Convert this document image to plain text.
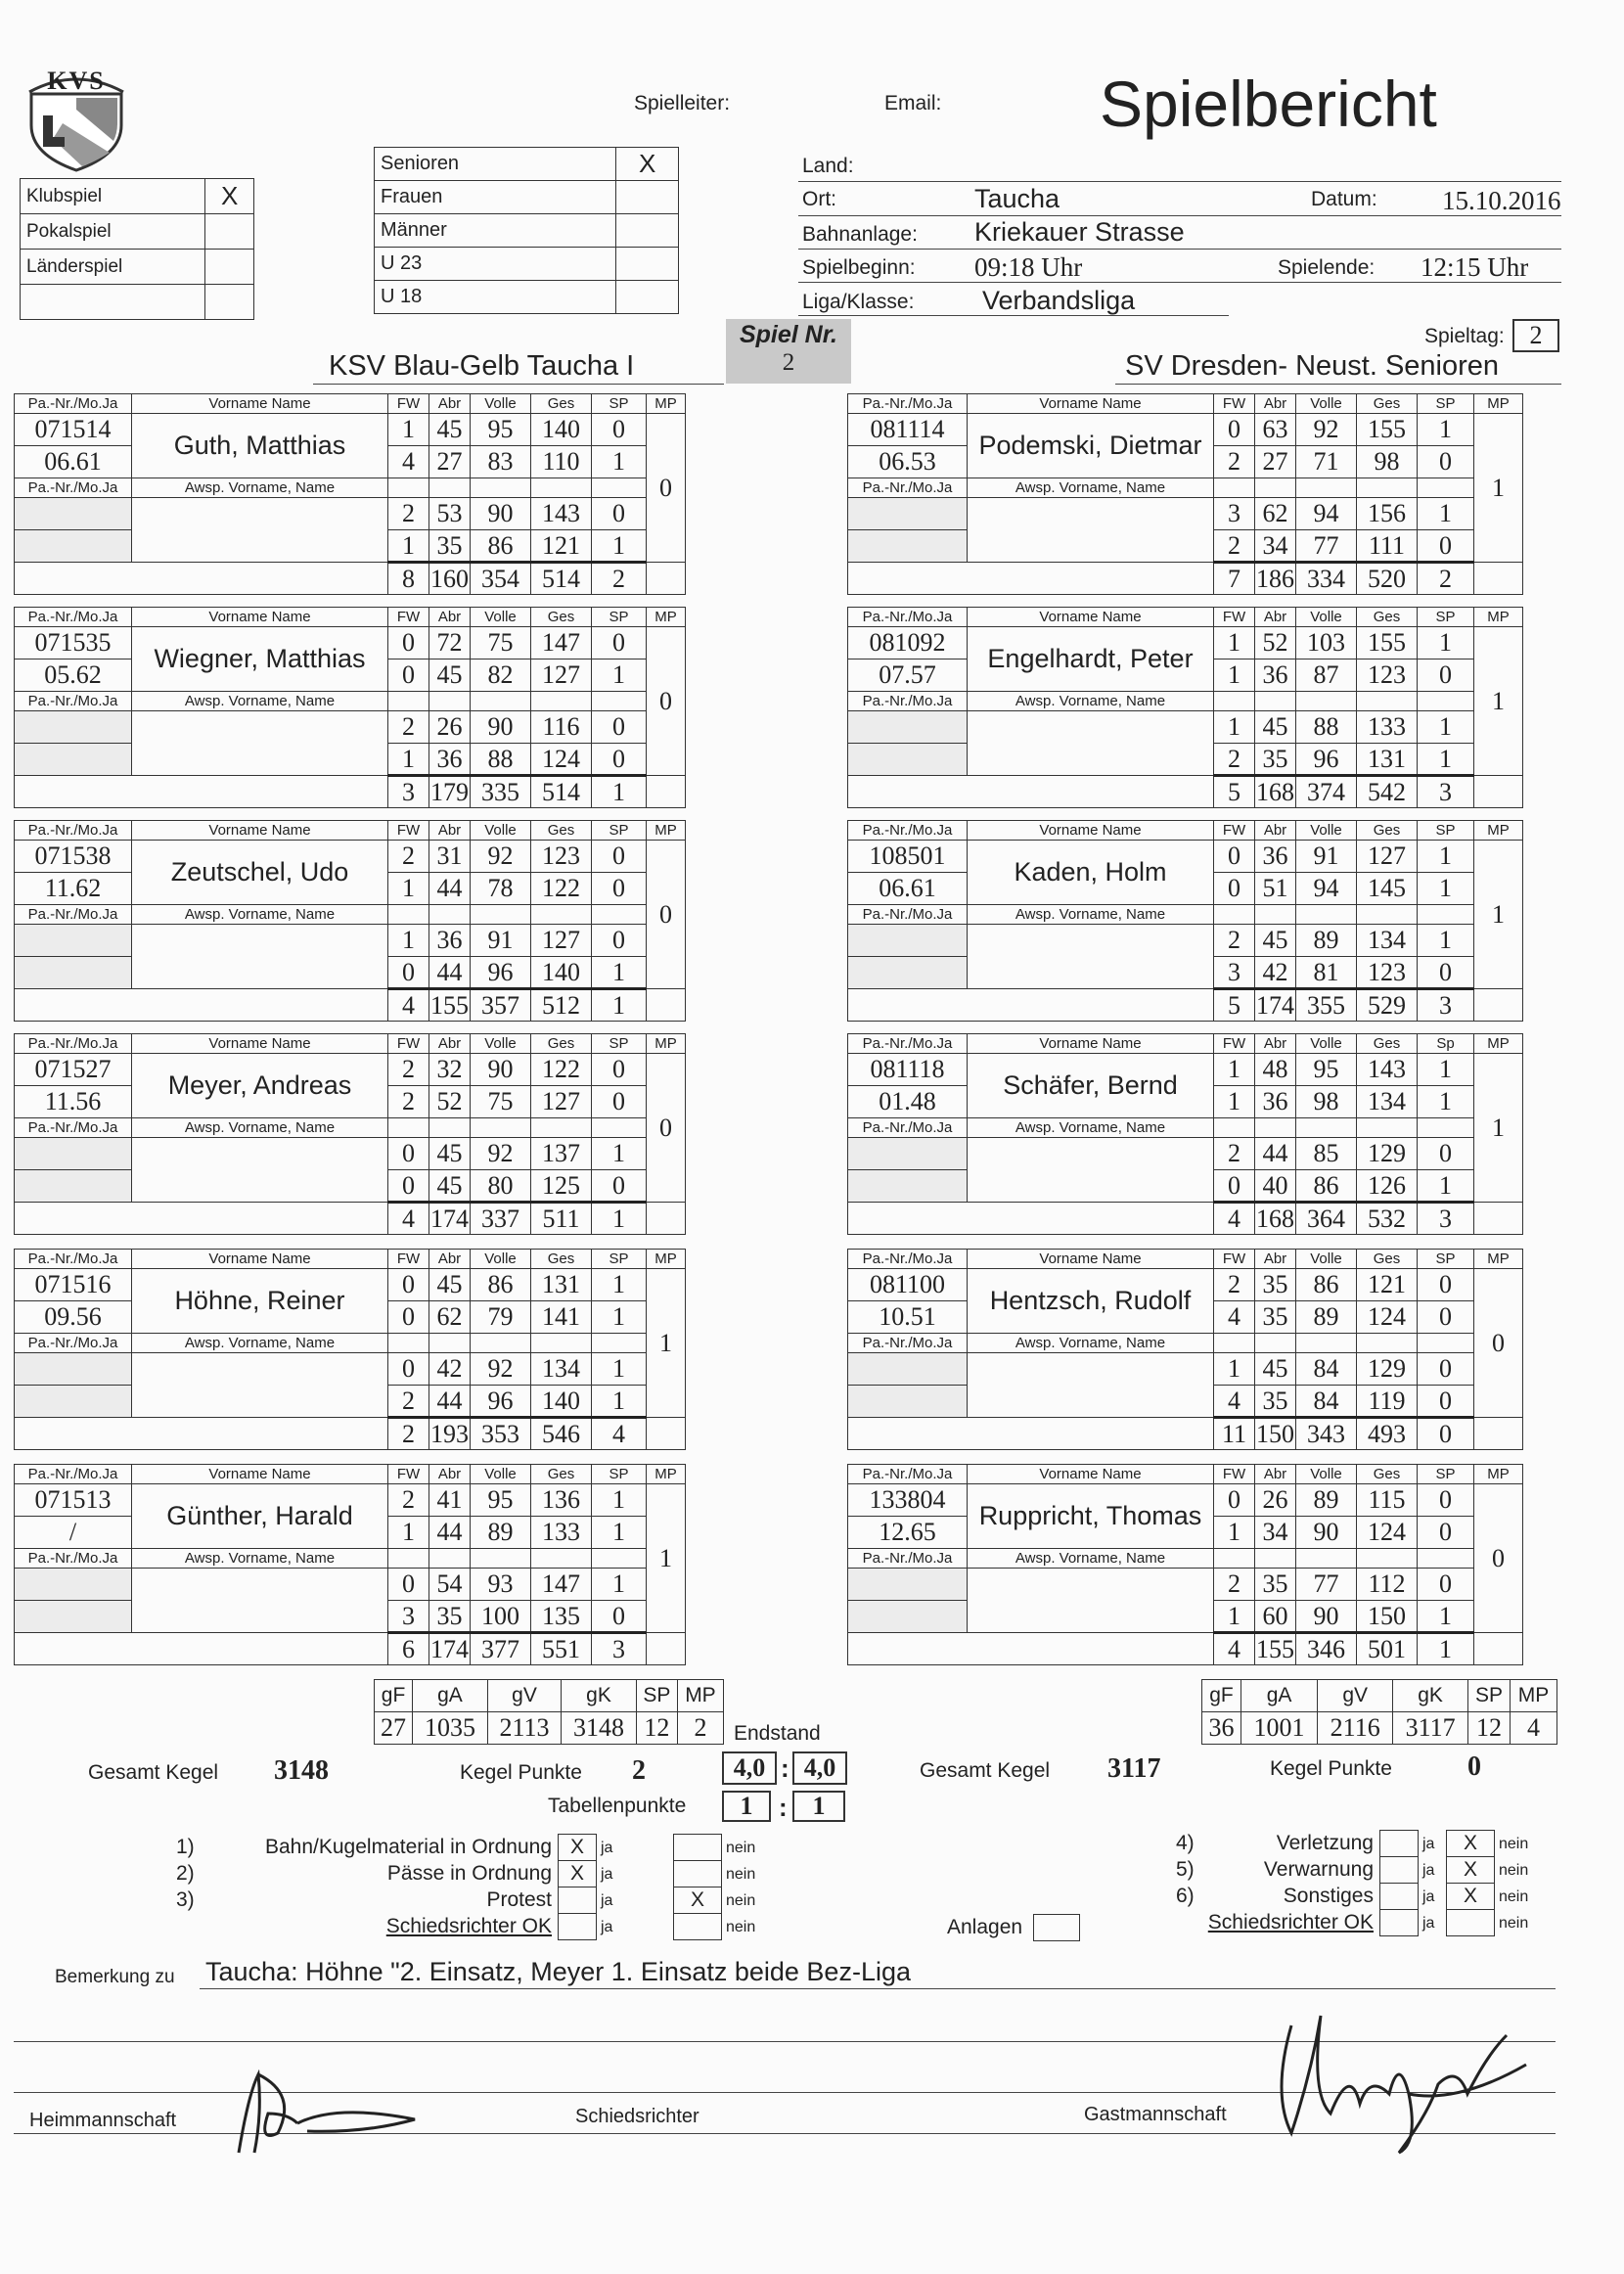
KVS
Klubspiel	X
Pokalspiel	
Länderspiel	

Senioren	X
Frauen	
Männer	
U 23	
U 18	
Spielleiter:	Email: Spielbericht
Land:
Ort:	Taucha	Datum: 15.10.2016
Bahnanlage: Kriekauer Strasse
Spielbeginn: 09:18 Uhr	Spielende: 12:15 Uhr
Liga/Klasse:	Verbandsliga
Spiel Nr.
2
Spieltag: 2
KSV Blau-Gelb Taucha I	SV Dresden- Neust. Senioren
Pa.-Nr./Mo.Ja	Vorname Name	FW	Abr	Volle	Ges	SP	MP
071514	Guth, Matthias	1	45	95	140	0	0
06.61		4	27	83	110	1	
Pa.-Nr./Mo.Ja	Awsp. Vorname, Name						
		2	53	90	143	0	
		1	35	86	121	1	
		8	160	354	514	2	
Pa.-Nr./Mo.Ja	Vorname Name	FW	Abr	Volle	Ges	SP	MP
071535	Wiegner, Matthias	0	72	75	147	0	0
05.62		0	45	82	127	1	
Pa.-Nr./Mo.Ja	Awsp. Vorname, Name						
		2	26	90	116	0	
		1	36	88	124	0	
		3	179	335	514	1	
Pa.-Nr./Mo.Ja	Vorname Name	FW	Abr	Volle	Ges	SP	MP
071538	Zeutschel, Udo	2	31	92	123	0	0
11.62		1	44	78	122	0	
Pa.-Nr./Mo.Ja	Awsp. Vorname, Name						
		1	36	91	127	0	
		0	44	96	140	1	
		4	155	357	512	1	
Pa.-Nr./Mo.Ja	Vorname Name	FW	Abr	Volle	Ges	SP	MP
071527	Meyer, Andreas	2	32	90	122	0	0
11.56		2	52	75	127	0	
Pa.-Nr./Mo.Ja	Awsp. Vorname, Name						
		0	45	92	137	1	
		0	45	80	125	0	
		4	174	337	511	1	
Pa.-Nr./Mo.Ja	Vorname Name	FW	Abr	Volle	Ges	SP	MP
071516	Höhne, Reiner	0	45	86	131	1	1
09.56		0	62	79	141	1	
Pa.-Nr./Mo.Ja	Awsp. Vorname, Name						
		0	42	92	134	1	
		2	44	96	140	1	
		2	193	353	546	4	
Pa.-Nr./Mo.Ja	Vorname Name	FW	Abr	Volle	Ges	SP	MP
071513	Günther, Harald	2	41	95	136	1	1
/		1	44	89	133	1	
Pa.-Nr./Mo.Ja	Awsp. Vorname, Name						
		0	54	93	147	1	
		3	35	100	135	0	
		6	174	377	551	3	
Pa.-Nr./Mo.Ja	Vorname Name	FW	Abr	Volle	Ges	SP	MP
081114	Podemski, Dietmar	0	63	92	155	1	1
06.53		2	27	71	98	0	
Pa.-Nr./Mo.Ja	Awsp. Vorname, Name						
		3	62	94	156	1	
		2	34	77	111	0	
		7	186	334	520	2	
Pa.-Nr./Mo.Ja	Vorname Name	FW	Abr	Volle	Ges	SP	MP
081092	Engelhardt, Peter	1	52	103	155	1	1
07.57		1	36	87	123	0	
Pa.-Nr./Mo.Ja	Awsp. Vorname, Name						
		1	45	88	133	1	
		2	35	96	131	1	
		5	168	374	542	3	
Pa.-Nr./Mo.Ja	Vorname Name	FW	Abr	Volle	Ges	SP	MP
108501	Kaden, Holm	0	36	91	127	1	1
06.61		0	51	94	145	1	
Pa.-Nr./Mo.Ja	Awsp. Vorname, Name						
		2	45	89	134	1	
		3	42	81	123	0	
		5	174	355	529	3	
Pa.-Nr./Mo.Ja	Vorname Name	FW	Abr	Volle	Ges	Sp	MP
081118	Schäfer, Bernd	1	48	95	143	1	1
01.48		1	36	98	134	1	
Pa.-Nr./Mo.Ja	Awsp. Vorname, Name						
		2	44	85	129	0	
		0	40	86	126	1	
		4	168	364	532	3	
Pa.-Nr./Mo.Ja	Vorname Name	FW	Abr	Volle	Ges	SP	MP
081100	Hentzsch, Rudolf	2	35	86	121	0	0
10.51		4	35	89	124	0	
Pa.-Nr./Mo.Ja	Awsp. Vorname, Name						
		1	45	84	129	0	
		4	35	84	119	0	
		11	150	343	493	0	
Pa.-Nr./Mo.Ja	Vorname Name	FW	Abr	Volle	Ges	SP	MP
133804	Ruppricht, Thomas	0	26	89	115	0	0
12.65		1	34	90	124	0	
Pa.-Nr./Mo.Ja	Awsp. Vorname, Name						
		2	35	77	112	0	
		1	60	90	150	1	
		4	155	346	501	1	
gF	gA	gV	gK	SP	MP
27	1035	2113	3148	12	2
gF	gA	gV	gK	SP	MP
36	1001	2116	3117	12	4
Gesamt Kegel 3148	Kegel Punkte 2
Endstand
4,0 : 4,0
Tabellenpunkte	1	: 1
Gesamt Kegel 3117	Kegel Punkte	0
1)	Bahn/Kugelmaterial in Ordnung X	ja	nein
2)	Pässe in Ordnung X	ja	nein
3)	Protest	ja	X	nein
Schiedsrichter OK	ja	nein
4)	Verletzung	ja	X	nein
5)	Verwarnung	ja	X	nein
6)	Sonstiges	ja	X	nein
Schiedsrichter OK	ja	nein
Anlagen
Bemerkung zu Taucha: Höhne "2. Einsatz, Meyer 1. Einsatz beide Bez-Liga
Heimmannschaft	Schiedsrichter	Gastmannschaft
